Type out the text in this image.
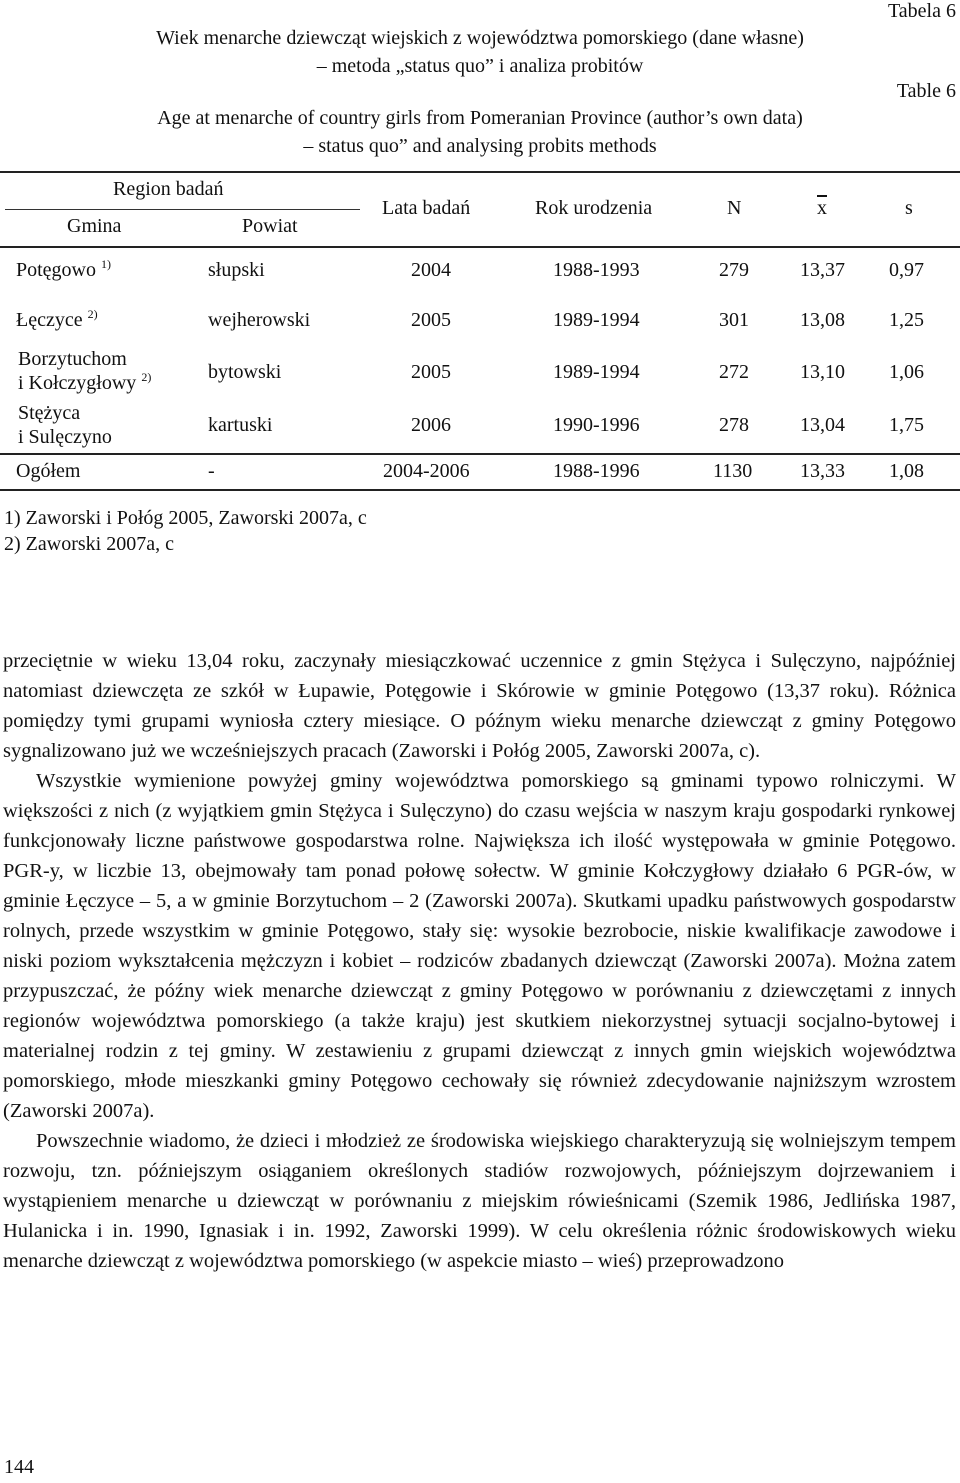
Tabela 6
Wiek menarche dziewcząt wiejskich z województwa pomorskiego (dane własne)
– metoda „status quo” i analiza probitów
Table 6
Age at menarche of country girls from Pomeranian Province (author’s own data)
– status quo” and analysing probits methods
Region badań
Gmina	Powiat
Lata badań	Rok urodzenia	N	$\overline{x}$	s
Potęgowo $^{1)}$	słupski	2004	1988-1993	279	13,37 0,97
Łęczyce $^{2)}$	wejherowski	2005	1989-1994	301	13,08 1,25
Borzytuchom
i Kołczygłowy $^{2)}$	bytowski	2005	1989-1994	272	13,10 1,06
Stężyca
i Sulęczyno
kartuski	2006	1990-1996	278	13,04 1,75
Ogółem	-	2004-2006	1988-1996	1130 13,33 1,08
1) Zaworski i Połóg 2005, Zaworski 2007a, c
2) Zaworski 2007a, c

przeciętnie w wieku 13,04 roku, zaczynały miesiączkować uczennice z gmin Stężyca i Sulęczyno, najpóźniej natomiast dziewczęta ze szkół w Łupawie, Potęgowie i Skórowie w gminie Potęgowo (13,37 roku). Różnica pomiędzy tymi grupami wyniosła cztery miesiące. O późnym wieku menarche dziewcząt z gminy Potęgowo sygnalizowano już we wcześniejszych pracach (Zaworski i Połóg 2005, Zaworski 2007a, c).

Wszystkie wymienione powyżej gminy województwa pomorskiego są gminami typowo rolniczymi. W większości z nich (z wyjątkiem gmin Stężyca i Sulęczyno) do czasu wejścia w naszym kraju gospodarki rynkowej funkcjonowały liczne państwowe gospodarstwa rolne. Największa ich ilość występowała w gminie Potęgowo. PGR-y, w liczbie 13, obejmowały tam ponad połowę sołectw. W gminie Kołczygłowy działało 6 PGR-ów, w gminie Łęczyce – 5, a w gminie Borzytuchom – 2 (Zaworski 2007a). Skutkami upadku państwowych gospodarstw rolnych, przede wszystkim w gminie Potęgowo, stały się: wysokie bezrobocie, niskie kwalifikacje zawodowe i niski poziom wykształcenia mężczyzn i kobiet – rodziców zbadanych dziewcząt (Zaworski 2007a). Można zatem przypuszczać, że późny wiek menarche dziewcząt z gminy Potęgowo w porównaniu z dziewczętami z innych regionów województwa pomorskiego (a także kraju) jest skutkiem niekorzystnej sytuacji socjalno-bytowej i materialnej rodzin z tej gminy. W zestawieniu z grupami dziewcząt z innych gmin wiejskich województwa pomorskiego, młode mieszkanki gminy Potęgowo cechowały się również zdecydowanie najniższym wzrostem (Zaworski 2007a).

Powszechnie wiadomo, że dzieci i młodzież ze środowiska wiejskiego charakteryzują się wolniejszym tempem rozwoju, tzn. późniejszym osiąganiem określonych stadiów rozwojowych, późniejszym dojrzewaniem i wystąpieniem menarche u dziewcząt w porównaniu z miejskim rówieśnicami (Szemik 1986, Jedlińska 1987, Hulanicka i in. 1990, Ignasiak i in. 1992, Zaworski 1999). W celu określenia różnic środowiskowych wieku menarche dziewcząt z województwa pomorskiego (w aspekcie miasto – wieś) przeprowadzono

144
